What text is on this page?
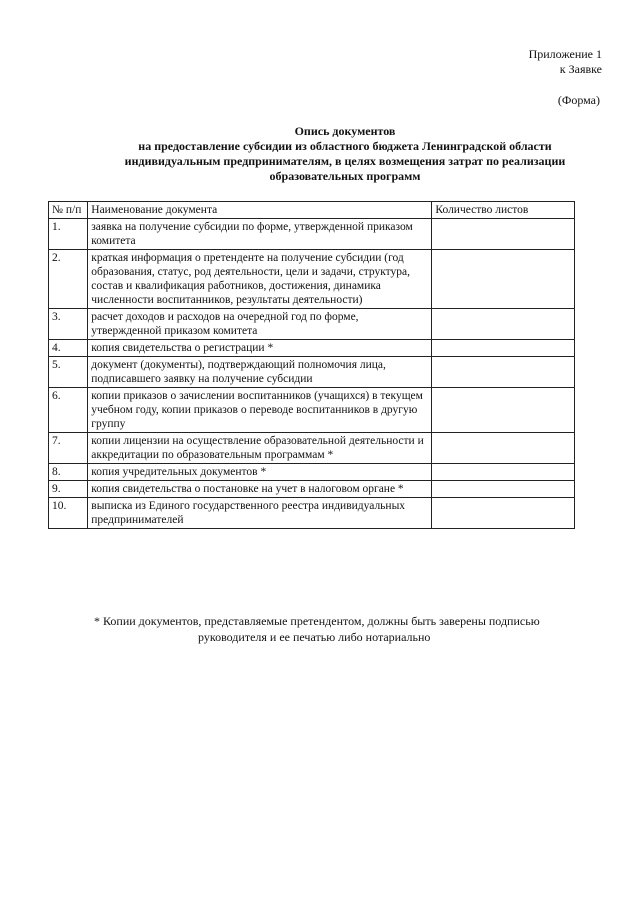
Приложение 1
к Заявке
(Форма)
Опись документов
на предоставление субсидии из областного бюджета Ленинградской области
индивидуальным предпринимателям, в целях возмещения затрат по реализации
образовательных программ
№ п/п	Наименование документа	Количество листов
1.	заявка на получение субсидии по форме, утвержденной приказом комитета	
2.	краткая информация о претенденте на получение субсидии (год образования, статус, род деятельности, цели и задачи, структура, состав и квалификация работников, достижения, динамика численности воспитанников, результаты деятельности)	
3.	расчет доходов и расходов на очередной год по форме, утвержденной приказом комитета	
4.	копия свидетельства о регистрации *	
5.	документ (документы), подтверждающий полномочия лица, подписавшего заявку на получение субсидии	
6.	копии приказов о зачислении воспитанников (учащихся) в текущем учебном году, копии приказов о переводе воспитанников в другую группу	
7.	копии лицензии на осуществление образовательной деятельности и аккредитации по образовательным программам *	
8.	копия учредительных документов *	
9.	копия свидетельства о постановке на учет в налоговом органе *	
10.	выписка из Единого государственного реестра индивидуальных предпринимателей	
* Копии документов, представляемые претендентом, должны быть заверены подписью
руководителя и ее печатью либо нотариально
